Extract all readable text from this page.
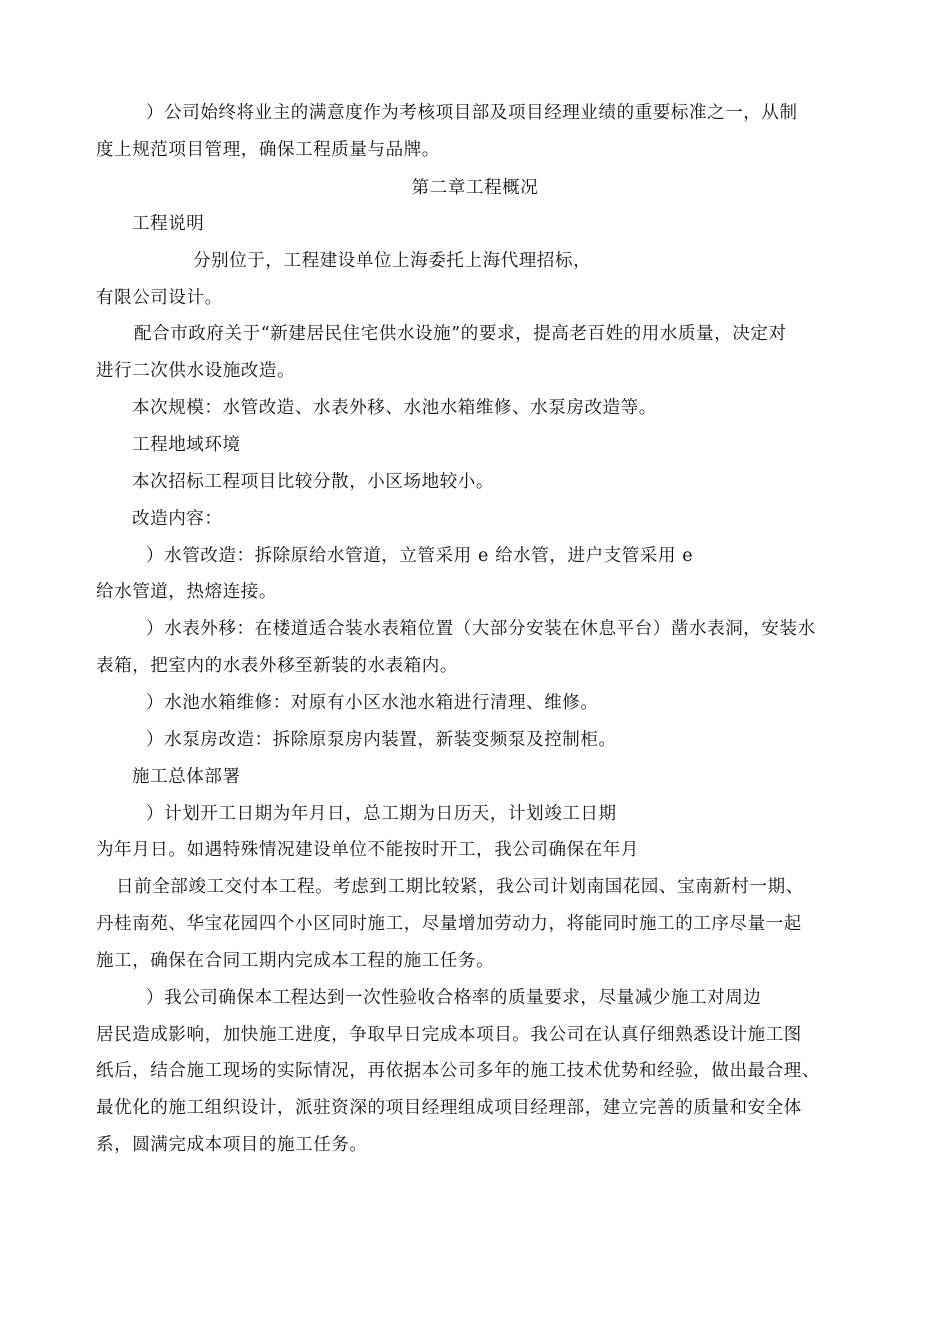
）公司始终将业主的满意度作为考核项目部及项目经理业绩的重要标准之一，从制

度上规范项目管理，确保工程质量与品牌。

第二章工程概况

工程说明

分别位于，工程建设单位上海委托上海代理招标，

有限公司设计。

配合市政府关于“新建居民住宅供水设施”的要求，提高老百姓的用水质量，决定对

进行二次供水设施改造。

本次规模：水管改造、水表外移、水池水箱维修、水泵房改造等。

工程地域环境

本次招标工程项目比较分散，小区场地较小。

改造内容：

）水管改造：拆除原给水管道，立管采用 e 给水管，进户支管采用 e

给水管道，热熔连接。

）水表外移：在楼道适合装水表箱位置（大部分安装在休息平台）凿水表洞，安装水

表箱，把室内的水表外移至新装的水表箱内。

）水池水箱维修：对原有小区水池水箱进行清理、维修。

）水泵房改造：拆除原泵房内装置，新装变频泵及控制柜。

施工总体部署

）计划开工日期为年月日，总工期为日历天，计划竣工日期

为年月日。如遇特殊情况建设单位不能按时开工，我公司确保在年月

日前全部竣工交付本工程。考虑到工期比较紧，我公司计划南国花园、宝南新村一期、

丹桂南苑、华宝花园四个小区同时施工，尽量增加劳动力，将能同时施工的工序尽量一起

施工，确保在合同工期内完成本工程的施工任务。

）我公司确保本工程达到一次性验收合格率的质量要求，尽量减少施工对周边

居民造成影响，加快施工进度，争取早日完成本项目。我公司在认真仔细熟悉设计施工图

纸后，结合施工现场的实际情况，再依据本公司多年的施工技术优势和经验，做出最合理、

最优化的施工组织设计，派驻资深的项目经理组成项目经理部，建立完善的质量和安全体

系，圆满完成本项目的施工任务。
